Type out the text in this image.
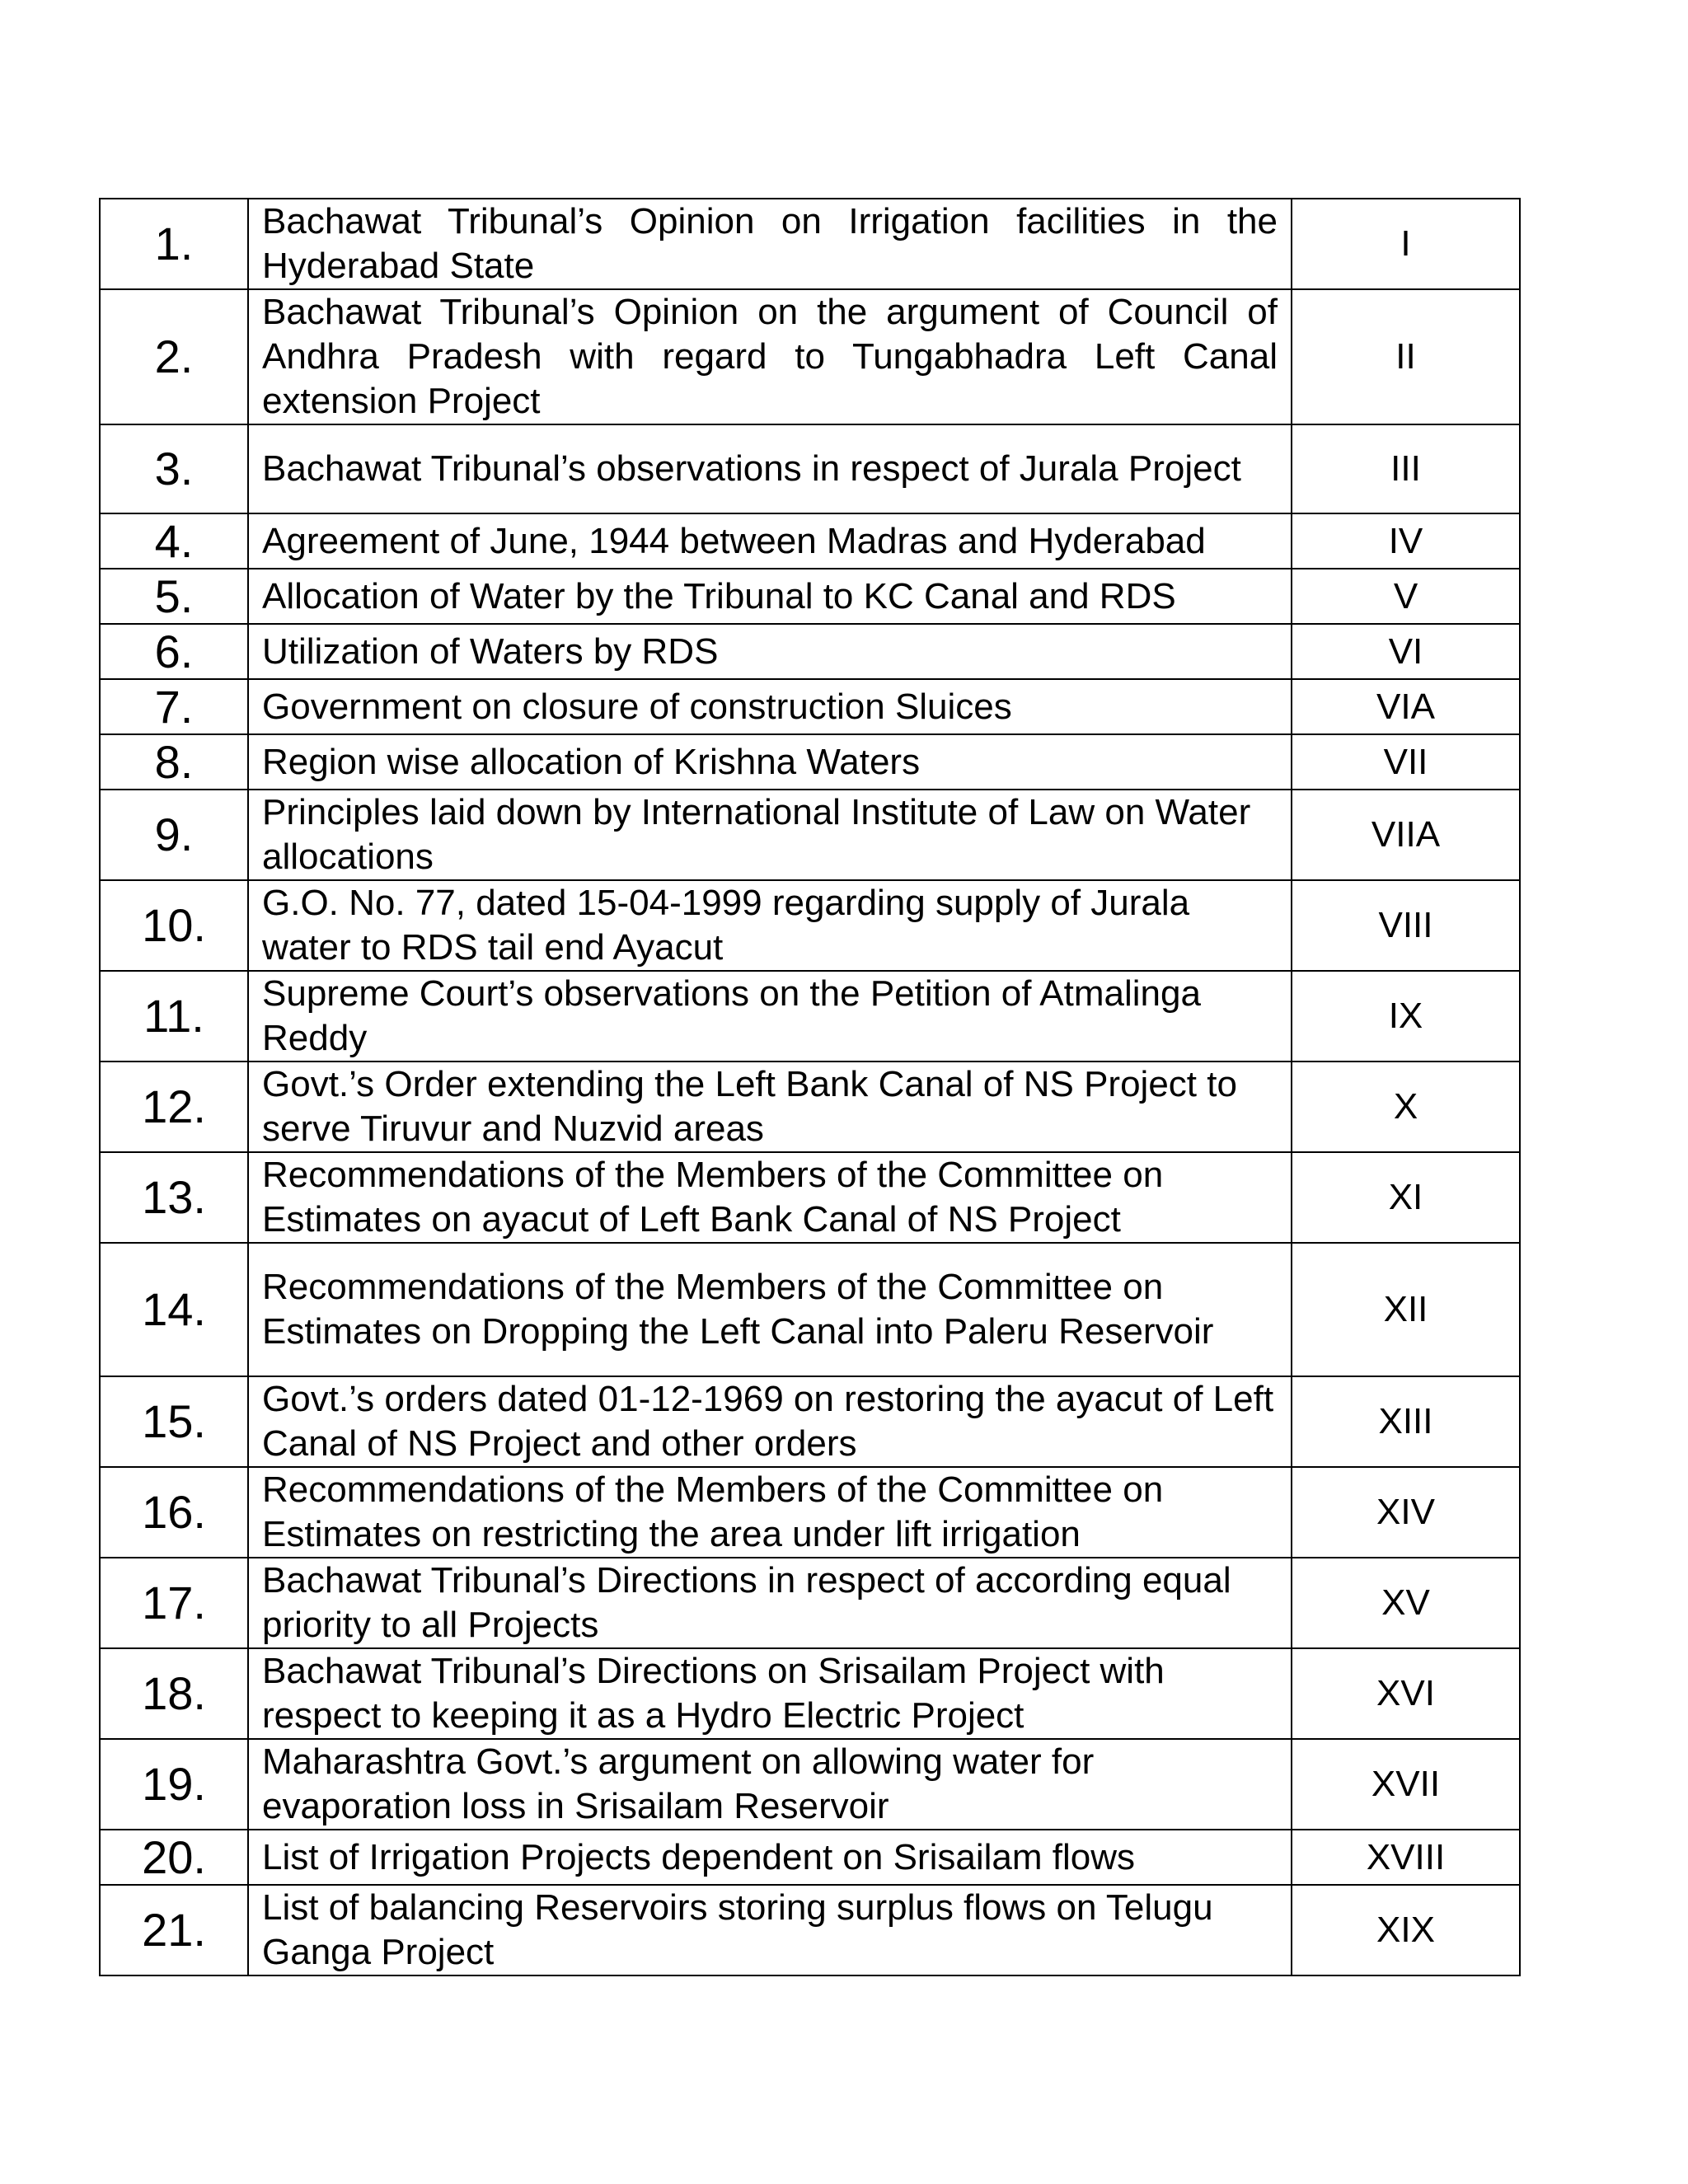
1.	Bachawat Tribunal’s Opinion on Irrigation facilities in the Hyderabad State	I
2.	Bachawat Tribunal’s Opinion on the argument of Council of Andhra Pradesh with regard to Tungabhadra Left Canal extension Project	II
3.	Bachawat Tribunal’s observations in respect of Jurala Project	III
4.	Agreement of June, 1944 between Madras and Hyderabad	IV
5.	Allocation of Water by the Tribunal to KC Canal and RDS	V
6.	Utilization of Waters by RDS	VI
7.	Government on closure of construction Sluices	VIA
8.	Region wise allocation of Krishna Waters	VII
9.	Principles laid down by International Institute of Law on Water allocations	VIIA
10.	G.O. No. 77, dated 15-04-1999 regarding supply of Jurala water to RDS tail end Ayacut	VIII
11.	Supreme Court’s observations on the Petition of Atmalinga Reddy	IX
12.	Govt.’s Order extending the Left Bank Canal of NS Project to serve Tiruvur and Nuzvid areas	X
13.	Recommendations of the Members of the Committee on Estimates on ayacut of Left Bank Canal of NS Project	XI
14.	Recommendations of the Members of the Committee on Estimates on Dropping the Left Canal into Paleru Reservoir	XII
15.	Govt.’s orders dated 01-12-1969 on restoring the ayacut of Left Canal of NS Project and other orders	XIII
16.	Recommendations of the Members of the Committee on Estimates on restricting the area under lift irrigation	XIV
17.	Bachawat Tribunal’s Directions in respect of according equal priority to all Projects	XV
18.	Bachawat Tribunal’s Directions on Srisailam Project with respect to keeping it as a Hydro Electric Project	XVI
19.	Maharashtra Govt.’s argument on allowing water for evaporation loss in Srisailam Reservoir	XVII
20.	List of Irrigation Projects dependent on Srisailam flows	XVIII
21.	List of balancing Reservoirs storing surplus flows on Telugu Ganga Project	XIX
